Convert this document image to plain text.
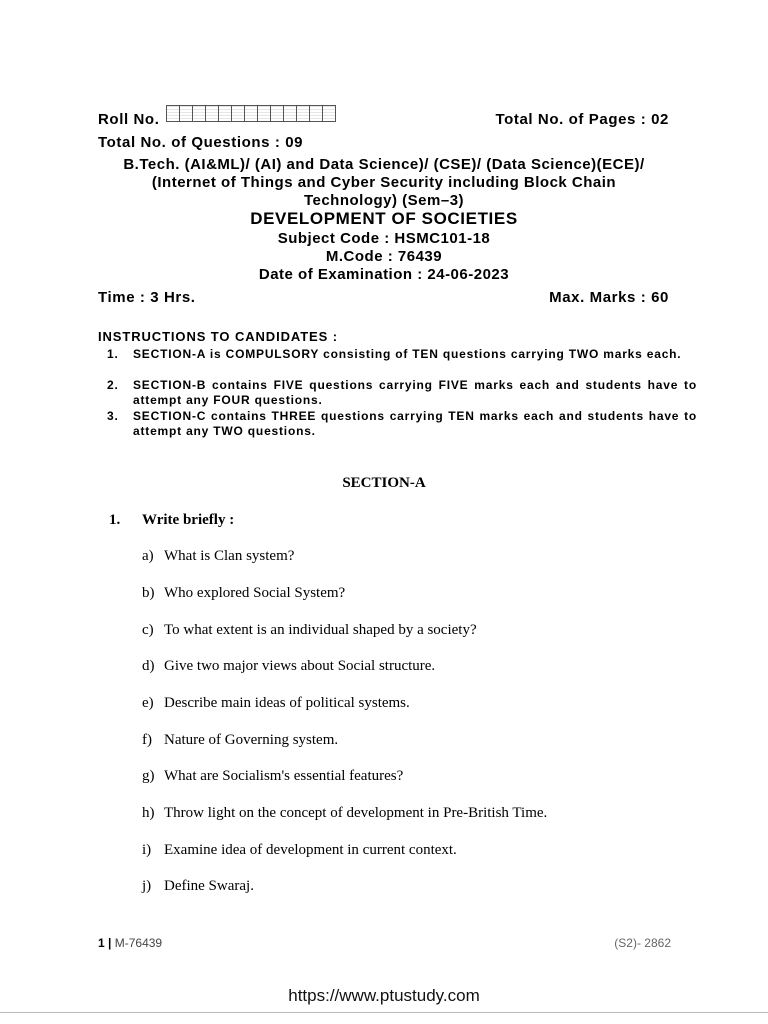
Roll No.	Total No. of Pages : 02
Total No. of Questions : 09
B.Tech. (AI&ML)/ (AI) and Data Science)/ (CSE)/ (Data Science)(ECE)/
(Internet of Things and Cyber Security including Block Chain
Technology) (Sem–3)
DEVELOPMENT OF SOCIETIES
Subject Code : HSMC101-18
M.Code : 76439
Date of Examination : 24-06-2023
Time : 3 Hrs.	Max. Marks : 60
INSTRUCTIONS TO CANDIDATES :
1. SECTION-A is COMPULSORY consisting of TEN questions carrying TWO marks each.
2. SECTION-B contains FIVE questions carrying FIVE marks each and students have to attempt any FOUR questions.
3. SECTION-C contains THREE questions carrying TEN marks each and students have to attempt any TWO questions.
SECTION-A
1. Write briefly :
a) What is Clan system?
b) Who explored Social System?
c) To what extent is an individual shaped by a society?
d) Give two major views about Social structure.
e) Describe main ideas of political systems.
f) Nature of Governing system.
g) What are Socialism's essential features?
h) Throw light on the concept of development in Pre-British Time.
i) Examine idea of development in current context.
j) Define Swaraj.
1 | M-76439	(S2)- 2862
https://www.ptustudy.com
